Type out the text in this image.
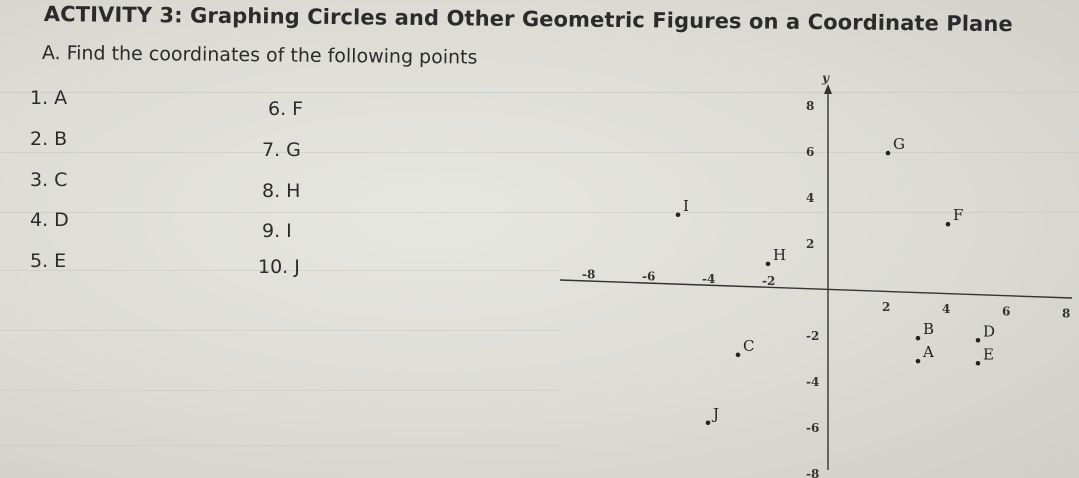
ACTIVITY 3: Graphing Circles and Other Geometric Figures on a Coordinate Plane
A. Find the coordinates of the following points
1. A
2. B
3. C
4. D
5. E
6. F
7. G
8. H
9. I
10. J
y
-8	-6	-4	-2
2	4	6	8
8
6
4
2
-2
-4
-6
-8
A
B
C
D
E
F
G
H
I
J
